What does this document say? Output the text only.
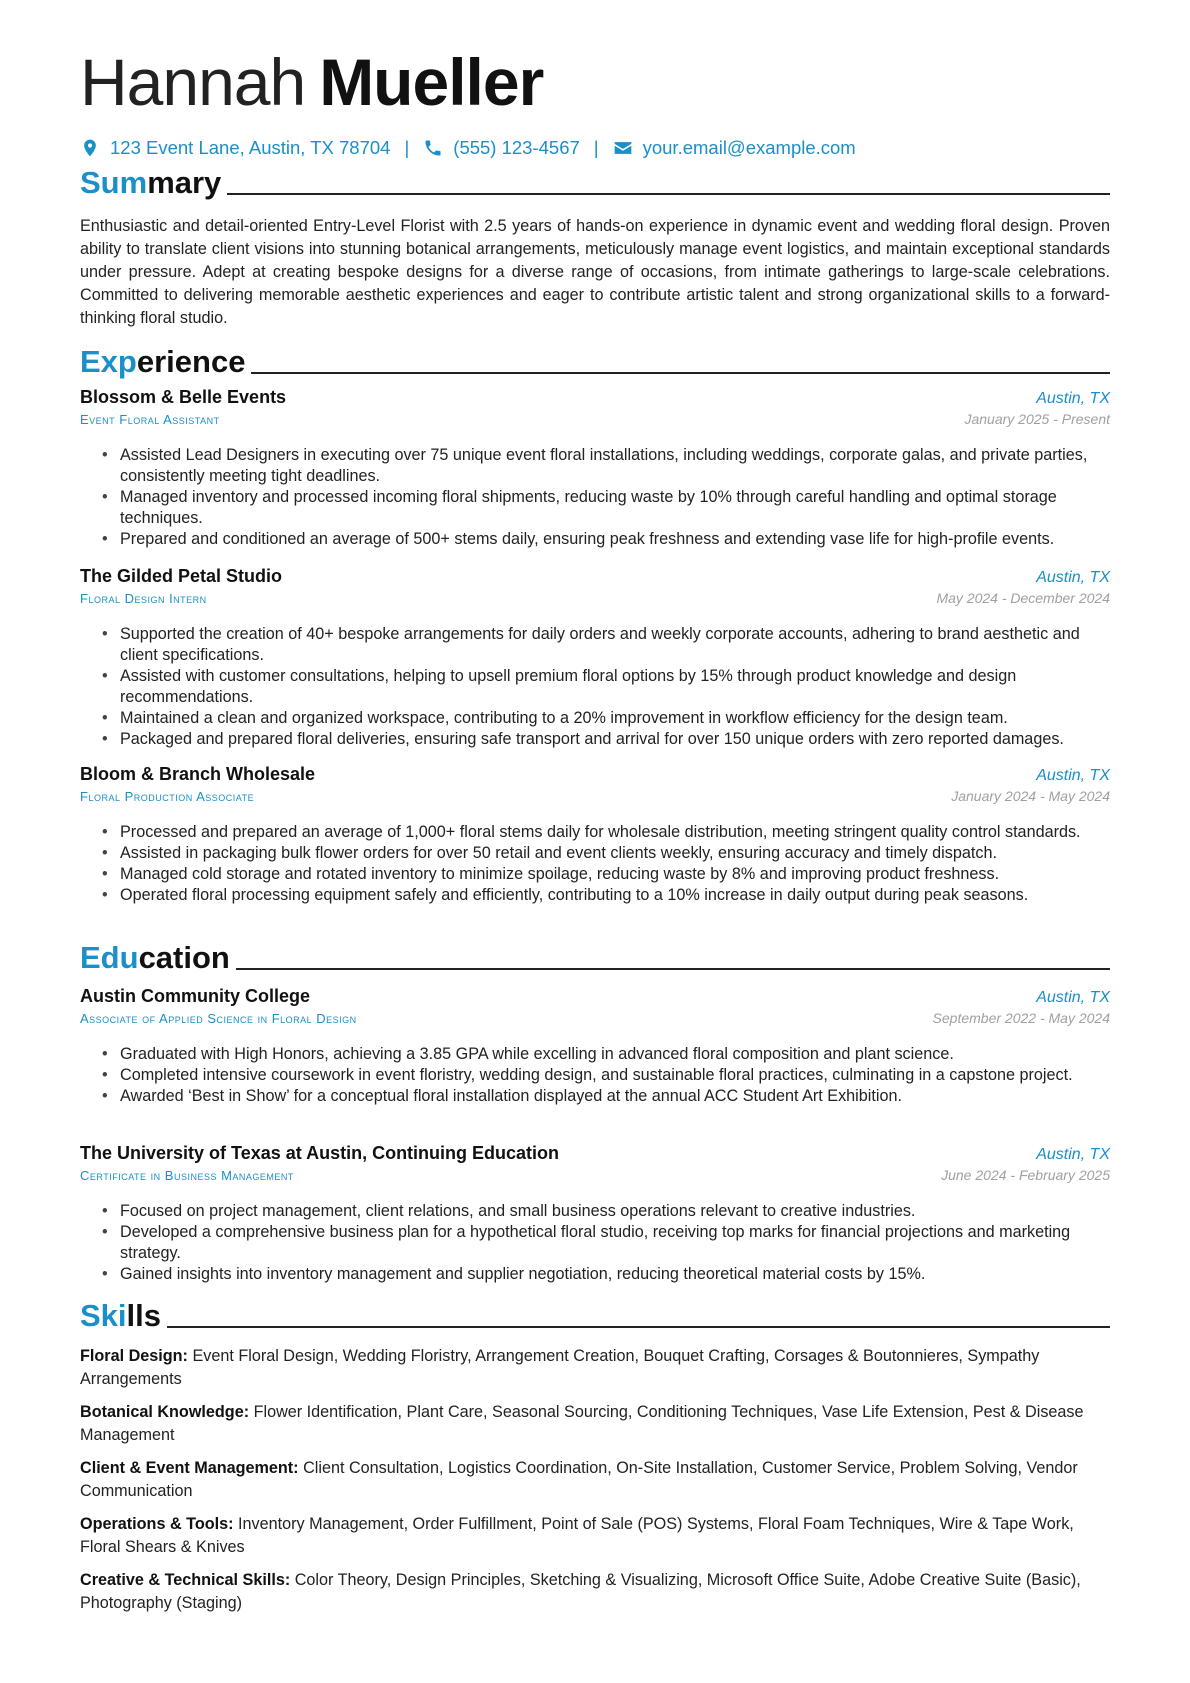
Hannah Mueller
123 Event Lane, Austin, TX 78704 | (555) 123-4567 | your.email@example.com
Summary
Enthusiastic and detail-oriented Entry-Level Florist with 2.5 years of hands-on experience in dynamic event and wedding floral design. Proven ability to translate client visions into stunning botanical arrangements, meticulously manage event logistics, and maintain exceptional standards under pressure. Adept at creating bespoke designs for a diverse range of occasions, from intimate gatherings to large-scale celebrations. Committed to delivering memorable aesthetic experiences and eager to contribute artistic talent and strong organizational skills to a forward-thinking floral studio.
Experience
Blossom & Belle Events	Austin, TX
Event Floral Assistant	January 2025 - Present
• Assisted Lead Designers in executing over 75 unique event floral installations, including weddings, corporate galas, and private parties, consistently meeting tight deadlines.
• Managed inventory and processed incoming floral shipments, reducing waste by 10% through careful handling and optimal storage techniques.
• Prepared and conditioned an average of 500+ stems daily, ensuring peak freshness and extending vase life for high-profile events.
The Gilded Petal Studio	Austin, TX
Floral Design Intern	May 2024 - December 2024
• Supported the creation of 40+ bespoke arrangements for daily orders and weekly corporate accounts, adhering to brand aesthetic and client specifications.
• Assisted with customer consultations, helping to upsell premium floral options by 15% through product knowledge and design recommendations.
• Maintained a clean and organized workspace, contributing to a 20% improvement in workflow efficiency for the design team.
• Packaged and prepared floral deliveries, ensuring safe transport and arrival for over 150 unique orders with zero reported damages.
Bloom & Branch Wholesale	Austin, TX
Floral Production Associate	January 2024 - May 2024
• Processed and prepared an average of 1,000+ floral stems daily for wholesale distribution, meeting stringent quality control standards.
• Assisted in packaging bulk flower orders for over 50 retail and event clients weekly, ensuring accuracy and timely dispatch.
• Managed cold storage and rotated inventory to minimize spoilage, reducing waste by 8% and improving product freshness.
• Operated floral processing equipment safely and efficiently, contributing to a 10% increase in daily output during peak seasons.
Education
Austin Community College	Austin, TX
Associate of Applied Science in Floral Design	September 2022 - May 2024
• Graduated with High Honors, achieving a 3.85 GPA while excelling in advanced floral composition and plant science.
• Completed intensive coursework in event floristry, wedding design, and sustainable floral practices, culminating in a capstone project.
• Awarded ‘Best in Show’ for a conceptual floral installation displayed at the annual ACC Student Art Exhibition.
The University of Texas at Austin, Continuing Education	Austin, TX
Certificate in Business Management	June 2024 - February 2025
• Focused on project management, client relations, and small business operations relevant to creative industries.
• Developed a comprehensive business plan for a hypothetical floral studio, receiving top marks for financial projections and marketing strategy.
• Gained insights into inventory management and supplier negotiation, reducing theoretical material costs by 15%.
Skills
Floral Design: Event Floral Design, Wedding Floristry, Arrangement Creation, Bouquet Crafting, Corsages & Boutonnieres, Sympathy Arrangements
Botanical Knowledge: Flower Identification, Plant Care, Seasonal Sourcing, Conditioning Techniques, Vase Life Extension, Pest & Disease Management
Client & Event Management: Client Consultation, Logistics Coordination, On-Site Installation, Customer Service, Problem Solving, Vendor Communication
Operations & Tools: Inventory Management, Order Fulfillment, Point of Sale (POS) Systems, Floral Foam Techniques, Wire & Tape Work, Floral Shears & Knives
Creative & Technical Skills: Color Theory, Design Principles, Sketching & Visualizing, Microsoft Office Suite, Adobe Creative Suite (Basic), Photography (Staging)
